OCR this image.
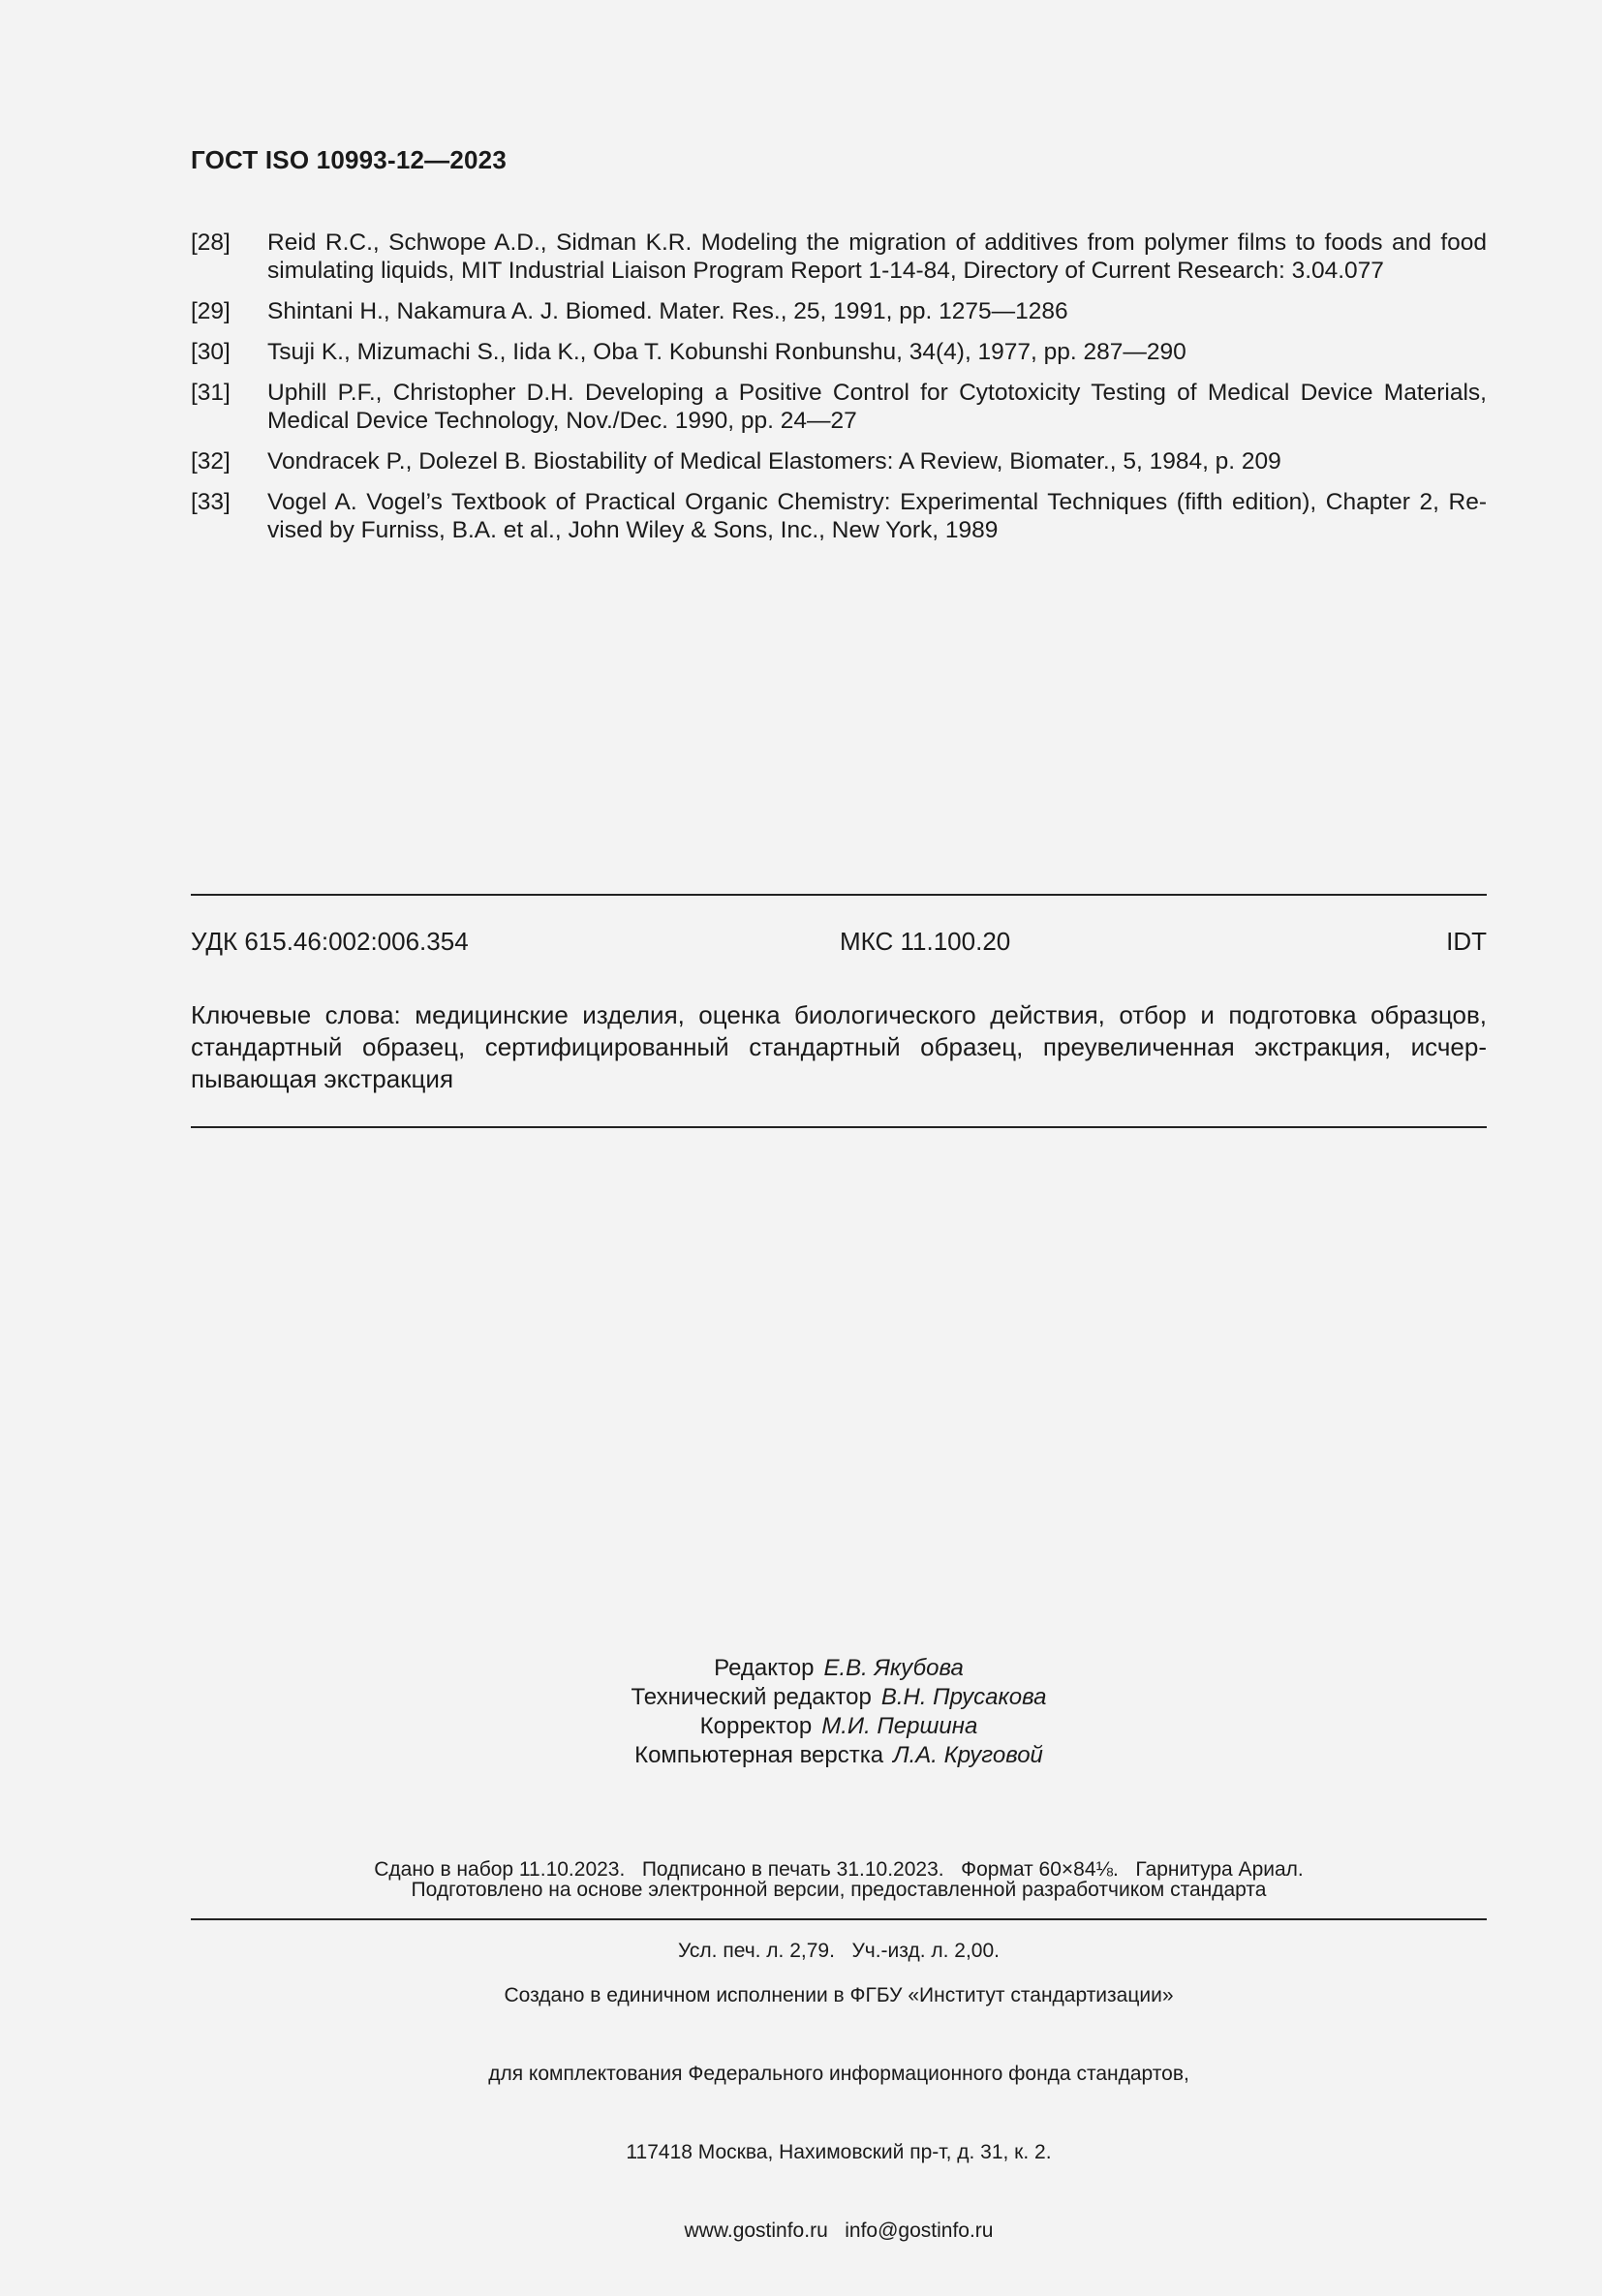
ГОСТ ISO 10993-12—2023
[28]	Reid R.C., Schwope A.D., Sidman K.R. Modeling the migration of additives from polymer films to foods and food simulating liquids, MIT Industrial Liaison Program Report 1-14-84, Directory of Current Research: 3.04.077
[29]	Shintani H., Nakamura A. J. Biomed. Mater. Res., 25, 1991, pp. 1275—1286
[30]	Tsuji K., Mizumachi S., Iida K., Oba T. Kobunshi Ronbunshu, 34(4), 1977, pp. 287—290
[31]	Uphill P.F., Christopher D.H. Developing a Positive Control for Cytotoxicity Testing of Medical Device Materials, Medical Device Technology, Nov./Dec. 1990, pp. 24—27
[32]	Vondracek P., Dolezel B. Biostability of Medical Elastomers: A Review, Biomater., 5, 1984, p. 209
[33]	Vogel A. Vogel’s Textbook of Practical Organic Chemistry: Experimental Techniques (fifth edition), Chapter 2, Re-vised by Furniss, B.A. et al., John Wiley & Sons, Inc., New York, 1989
УДК 615.46:002:006.354	МКС 11.100.20	IDT
Ключевые слова: медицинские изделия, оценка биологического действия, отбор и подготовка образцов, стандартный образец, сертифицированный стандартный образец, преувеличенная экстракция, исчер-пывающая экстракция
Редактор Е.В. Якубова
Технический редактор В.Н. Прусакова
Корректор М.И. Першина
Компьютерная верстка Л.А. Круговой

Сдано в набор 11.10.2023.   Подписано в печать 31.10.2023.   Формат 60×84⅛.   Гарнитура Ариал.

Усл. печ. л. 2,79.   Уч.-изд. л. 2,00.

Подготовлено на основе электронной версии, предоставленной разработчиком стандарта

Создано в единичном исполнении в ФГБУ «Институт стандартизации»

для комплектования Федерального информационного фонда стандартов,

117418 Москва, Нахимовский пр-т, д. 31, к. 2.

www.gostinfo.ru   info@gostinfo.ru
